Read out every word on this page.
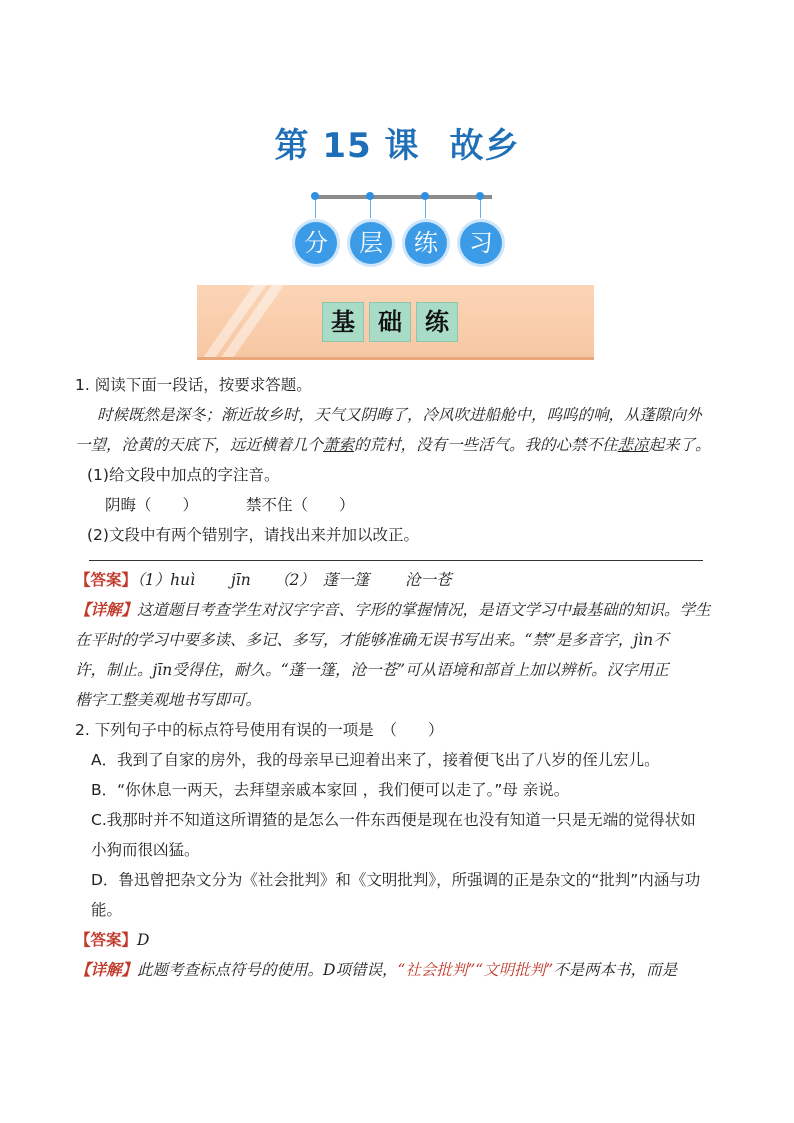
第 15 课 故乡
分	层	练	习
基 础 练

1. 阅读下面一段话，按要求答题。

时候既然是深冬；渐近故乡时，天气又阴晦了，冷风吹进船舱中，呜呜的响，从蓬隙向外

一望，沧黄的天底下，远近横着几个萧索的荒村，没有一些活气。我的心禁不住悲凉起来了。

(1)给文段中加点的字注音。

阴晦（　　）	禁不住（　　）

(2)文段中有两个错别字，请找出来并加以改正。

【答案】（1）huì　　 jīn　　（2）　蓬一篷　　 沧一苍

【详解】这道题目考查学生对汉字字音、字形的掌握情况，是语文学习中最基础的知识。学生

在平时的学习中要多读、多记、多写，才能够准确无误书写出来。“禁”是多音字，jìn不

许，制止。jīn受得住，耐久。“蓬一篷，沧一苍”可从语境和部首上加以辨析。汉字用正

楷字工整美观地书写即可。

2. 下列句子中的标点符号使用有误的一项是　（　　）

A．我到了自家的房外，我的母亲早已迎着出来了，接着便飞出了八岁的侄儿宏儿。

B．“你休息一两天，去拜望亲戚本家回 ，我们便可以走了。”母 亲说。

C.我那时并不知道这所谓猹的是怎么一件东西便是现在也没有知道一只是无端的觉得状如

小狗而很凶猛。

D．鲁迅曾把杂文分为《社会批判》和《文明批判》，所强调的正是杂文的“批判”内涵与功

能。

【答案】D

【详解】此题考查标点符号的使用。D项错误，“社会批判”“文明批判”不是两本书，而是
